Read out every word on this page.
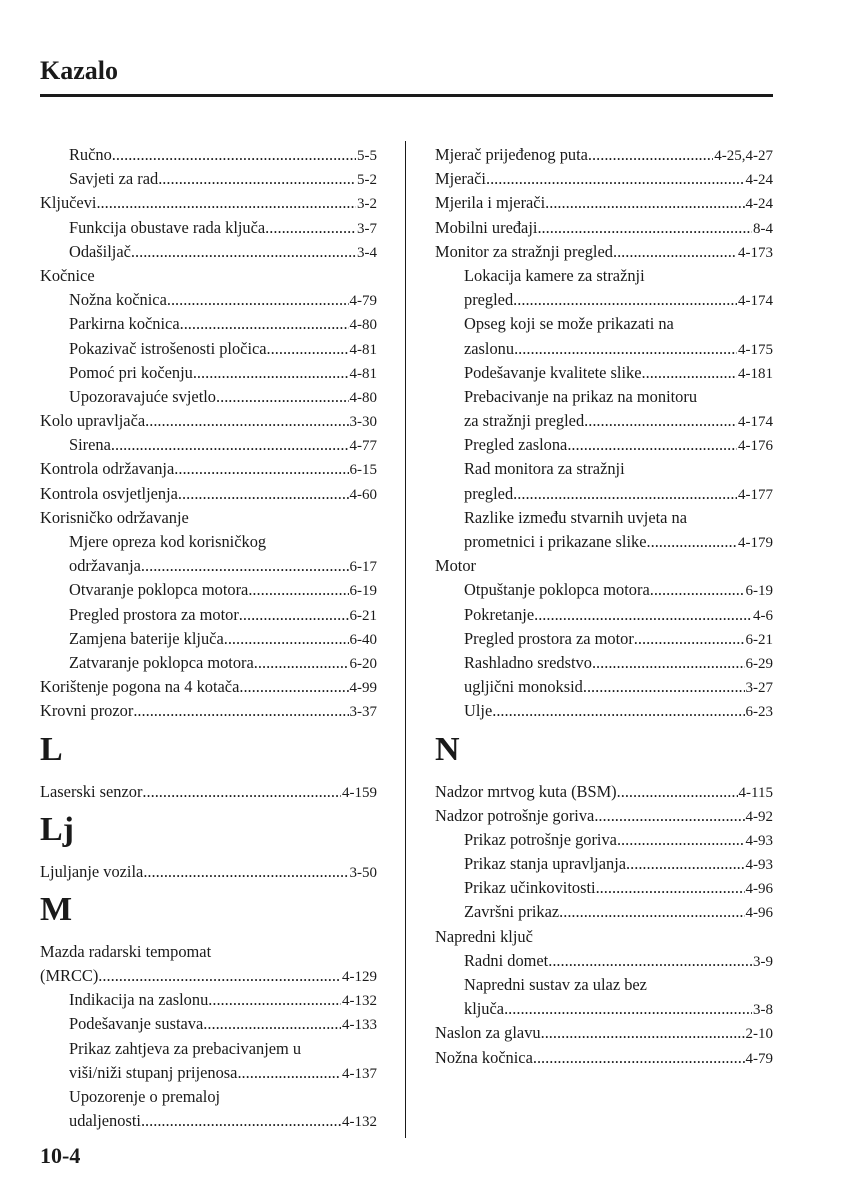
Kazalo
Ručno .....	5-5
Savjeti za rad .....	5-2
Ključevi .....	3-2
Funkcija obustave rada ključa .....	3-7
Odašiljač .....	3-4
Kočnice
Nožna kočnica .....	4-79
Parkirna kočnica .....	4-80
Pokazivač istrošenosti pločica .....	4-81
Pomoć pri kočenju .....	4-81
Upozoravajuće svjetlo .....	4-80
Kolo upravljača .....	3-30
Sirena .....	4-77
Kontrola održavanja .....	6-15
Kontrola osvjetljenja .....	4-60
Korisničko održavanje
Mjere opreza kod korisničkog
održavanja .....	6-17
Otvaranje poklopca motora .....	6-19
Pregled prostora za motor .....	6-21
Zamjena baterije ključa .....	6-40
Zatvaranje poklopca motora .....	6-20
Korištenje pogona na 4 kotača .....	4-99
Krovni prozor .....	3-37
L
Laserski senzor .....	4-159
Lj
Ljuljanje vozila .....	3-50
M
Mazda radarski tempomat
(MRCC) .....	4-129
Indikacija na zaslonu .....	4-132
Podešavanje sustava .....	4-133
Prikaz zahtjeva za prebacivanjem u
viši/niži stupanj prijenosa .....	4-137
Upozorenje o premaloj
udaljenosti .....	4-132
Mjerač prijeđenog puta .....	4-25,4-27
Mjerači .....	4-24
Mjerila i mjerači .....	4-24
Mobilni uređaji .....	8-4
Monitor za stražnji pregled .....	4-173
Lokacija kamere za stražnji
pregled .....	4-174
Opseg koji se može prikazati na
zaslonu .....	4-175
Podešavanje kvalitete slike .....	4-181
Prebacivanje na prikaz na monitoru
za stražnji pregled .....	4-174
Pregled zaslona .....	4-176
Rad monitora za stražnji
pregled .....	4-177
Razlike između stvarnih uvjeta na
prometnici i prikazane slike .....	4-179
Motor
Otpuštanje poklopca motora .....	6-19
Pokretanje .....	4-6
Pregled prostora za motor .....	6-21
Rashladno sredstvo .....	6-29
ugljični monoksid .....	3-27
Ulje .....	6-23
N
Nadzor mrtvog kuta (BSM) .....	4-115
Nadzor potrošnje goriva .....	4-92
Prikaz potrošnje goriva .....	4-93
Prikaz stanja upravljanja .....	4-93
Prikaz učinkovitosti .....	4-96
Završni prikaz .....	4-96
Napredni ključ
Radni domet .....	3-9
Napredni sustav za ulaz bez
ključa .....	3-8
Naslon za glavu .....	2-10
Nožna kočnica .....	4-79
10-4
